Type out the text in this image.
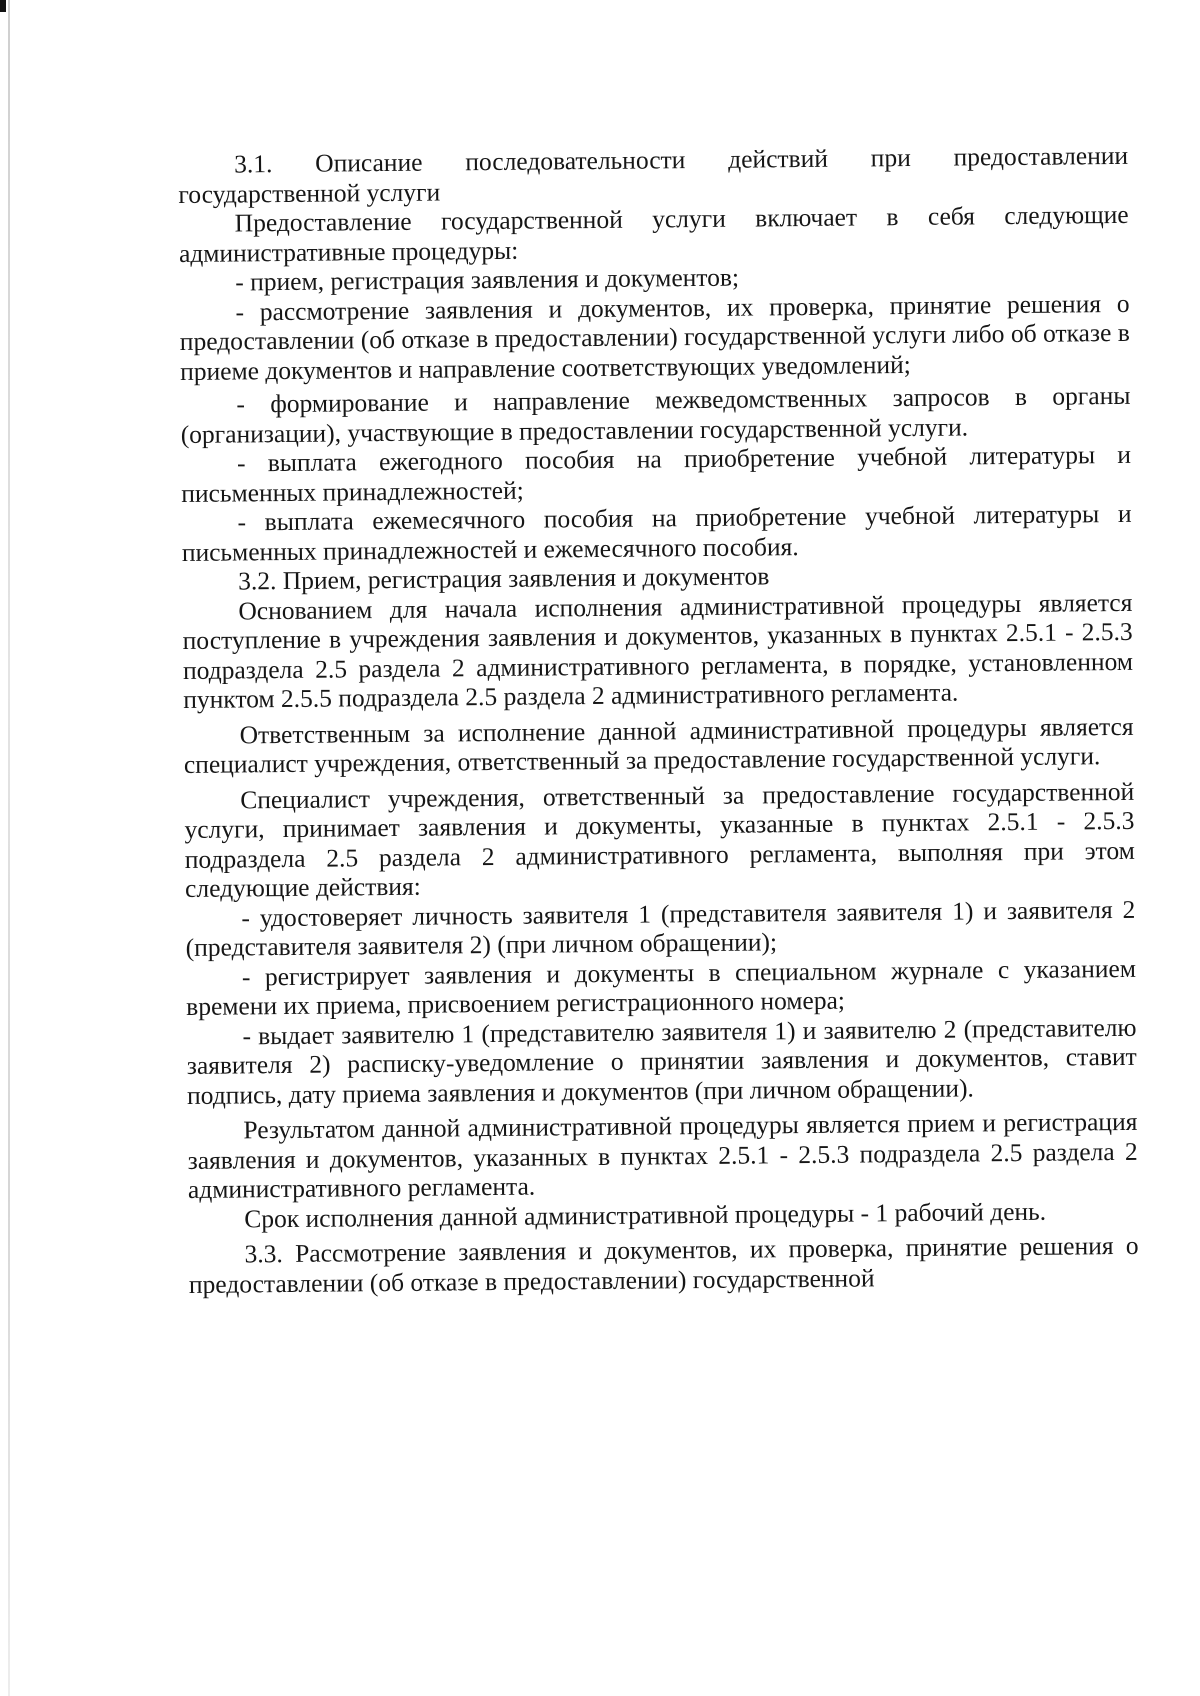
3.1. Описание последовательности действий при предоставлении государственной услуги

Предоставление государственной услуги включает в себя следующие административные процедуры:

- прием, регистрация заявления и документов;

- рассмотрение заявления и документов, их проверка, принятие решения о предоставлении (об отказе в предоставлении) государственной услуги либо об отказе в приеме документов и направление соответствующих уведомлений;

- формирование и направление межведомственных запросов в органы (организации), участвующие в предоставлении государственной услуги.

- выплата ежегодного пособия на приобретение учебной литературы и письменных принадлежностей;

- выплата ежемесячного пособия на приобретение учебной литературы и письменных принадлежностей и ежемесячного пособия.

3.2. Прием, регистрация заявления и документов

Основанием для начала исполнения административной процедуры является поступление в учреждения заявления и документов, указанных в пунктах 2.5.1 - 2.5.3 подраздела 2.5 раздела 2 административного регламента, в порядке, установленном пунктом 2.5.5 подраздела 2.5 раздела 2 административного регламента.

Ответственным за исполнение данной административной процедуры является специалист учреждения, ответственный за предоставление государственной услуги.

Специалист учреждения, ответственный за предоставление государственной услуги, принимает заявления и документы, указанные в пунктах 2.5.1 - 2.5.3 подраздела 2.5 раздела 2 административного регламента, выполняя при этом следующие действия:

- удостоверяет личность заявителя 1 (представителя заявителя 1) и заявителя 2 (представителя заявителя 2) (при личном обращении);

- регистрирует заявления и документы в специальном журнале с указанием времени их приема, присвоением регистрационного номера;

- выдает заявителю 1 (представителю заявителя 1) и заявителю 2 (представителю заявителя 2) расписку-уведомление о принятии заявления и документов, ставит подпись, дату приема заявления и документов (при личном обращении).

Результатом данной административной процедуры является прием и регистрация заявления и документов, указанных в пунктах 2.5.1 - 2.5.3 подраздела 2.5 раздела 2 административного регламента.

Срок исполнения данной административной процедуры - 1 рабочий день.

3.3. Рассмотрение заявления и документов, их проверка, принятие решения о предоставлении (об отказе в предоставлении) государственной
